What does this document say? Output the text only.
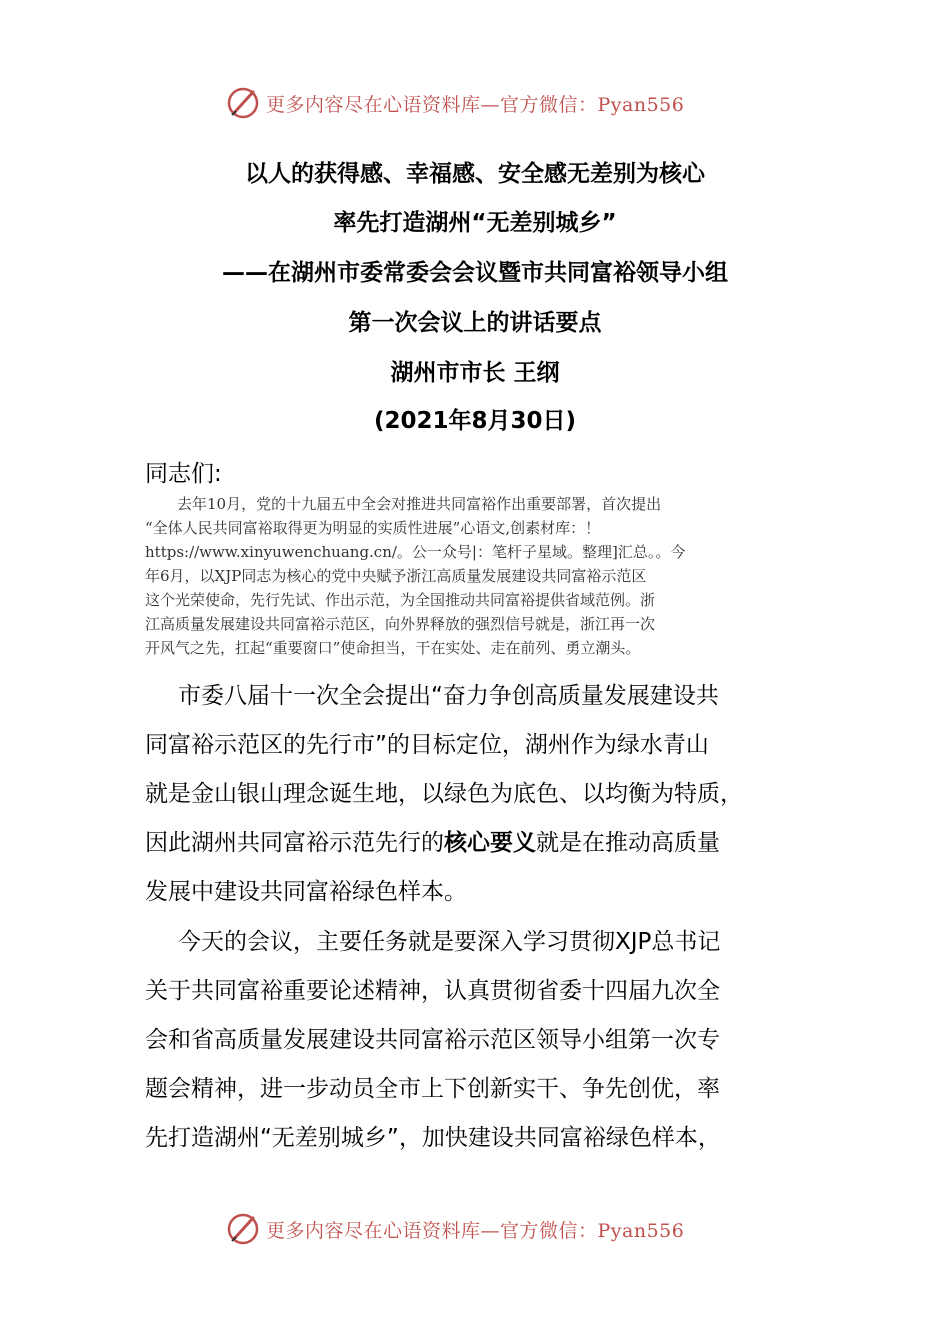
更多内容尽在心语资料库—官方微信：Pyan556
以人的获得感、幸福感、安全感无差别为核心
率先打造湖州“无差别城乡”
——在湖州市委常委会会议暨市共同富裕领导小组
第一次会议上的讲话要点
湖州市市长 王纲
(2021年8月30日)
同志们:
去年10月，党的十九届五中全会对推进共同富裕作出重要部署，首次提出
“全体人民共同富裕取得更为明显的实质性进展”心语文,创素材库：！
https://www.xinyuwenchuang.cn/。公一众号|：笔杆子星域。整理]汇总。。今
年6月，以XJP同志为核心的党中央赋予浙江高质量发展建设共同富裕示范区
这个光荣使命，先行先试、作出示范，为全国推动共同富裕提供省域范例。浙
江高质量发展建设共同富裕示范区，向外界释放的强烈信号就是，浙江再一次
开风气之先，扛起“重要窗口”使命担当，干在实处、走在前列、勇立潮头。
市委八届十一次全会提出“奋力争创高质量发展建设共
同富裕示范区的先行市”的目标定位，湖州作为绿水青山
就是金山银山理念诞生地，以绿色为底色、以均衡为特质，
因此湖州共同富裕示范先行的核心要义就是在推动高质量
发展中建设共同富裕绿色样本。
今天的会议，主要任务就是要深入学习贯彻XJP总书记
关于共同富裕重要论述精神，认真贯彻省委十四届九次全
会和省高质量发展建设共同富裕示范区领导小组第一次专
题会精神，进一步动员全市上下创新实干、争先创优，率
先打造湖州“无差别城乡”，加快建设共同富裕绿色样本，
更多内容尽在心语资料库—官方微信：Pyan556
